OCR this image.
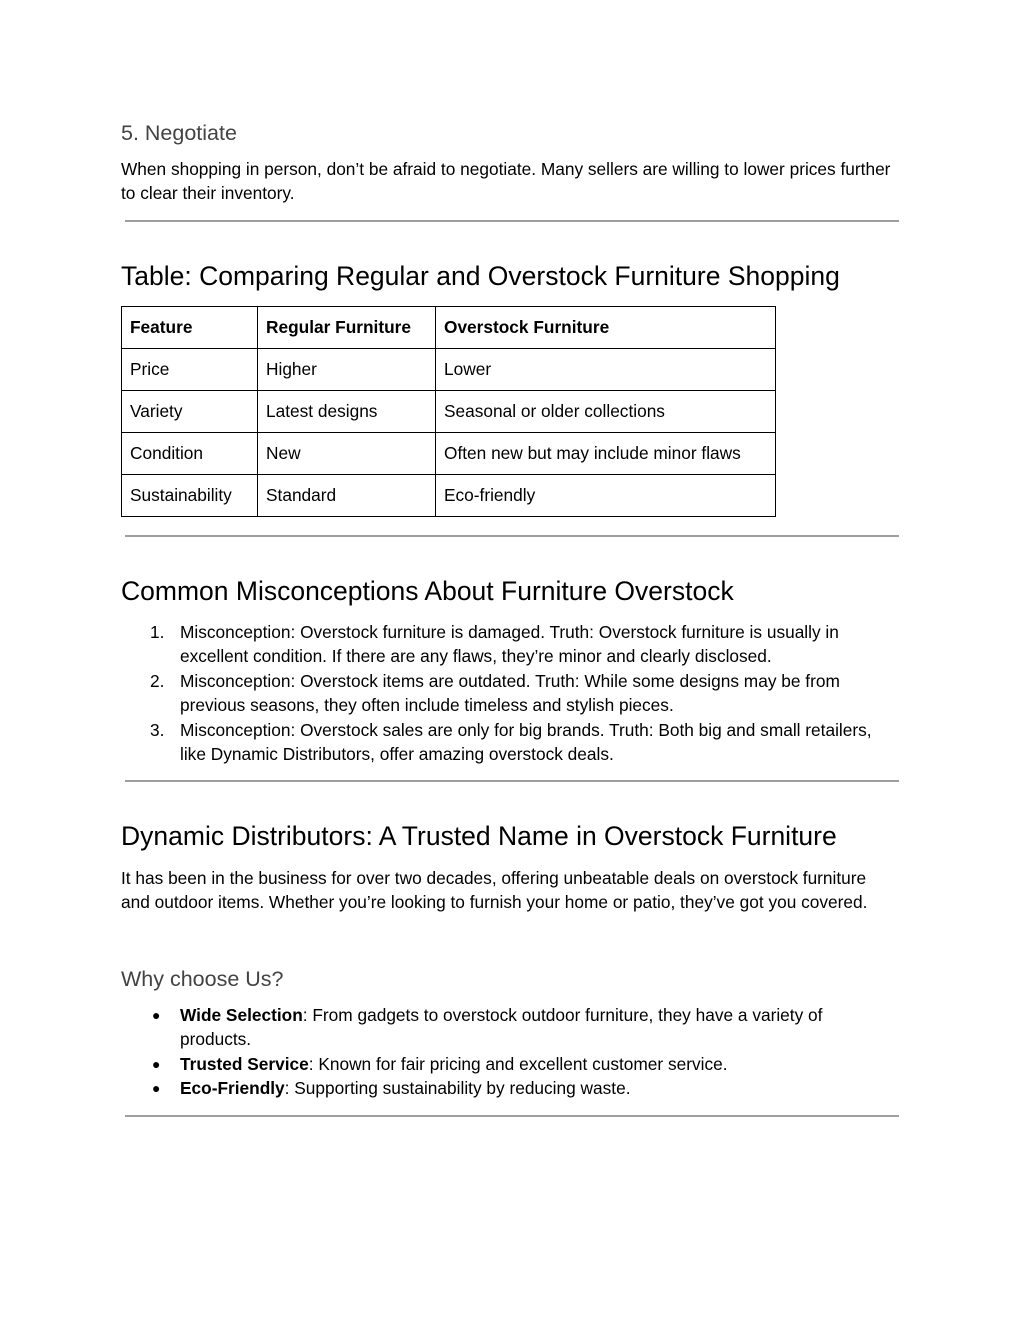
5. Negotiate

When shopping in person, don’t be afraid to negotiate. Many sellers are willing to lower prices further to clear their inventory.

Table: Comparing Regular and Overstock Furniture Shopping
Feature	Regular Furniture	Overstock Furniture
Price	Higher	Lower
Variety	Latest designs	Seasonal or older collections
Condition	New	Often new but may include minor flaws
Sustainability	Standard	Eco-friendly
Common Misconceptions About Furniture Overstock
1. Misconception: Overstock furniture is damaged. Truth: Overstock furniture is usually in excellent condition. If there are any flaws, they’re minor and clearly disclosed.
2. Misconception: Overstock items are outdated. Truth: While some designs may be from previous seasons, they often include timeless and stylish pieces.
3. Misconception: Overstock sales are only for big brands. Truth: Both big and small retailers, like Dynamic Distributors, offer amazing overstock deals.
Dynamic Distributors: A Trusted Name in Overstock Furniture

It has been in the business for over two decades, offering unbeatable deals on overstock furniture and outdoor items. Whether you’re looking to furnish your home or patio, they’ve got you covered.

Why choose Us?
● Wide Selection: From gadgets to overstock outdoor furniture, they have a variety of products.
● Trusted Service: Known for fair pricing and excellent customer service.
● Eco-Friendly: Supporting sustainability by reducing waste.
